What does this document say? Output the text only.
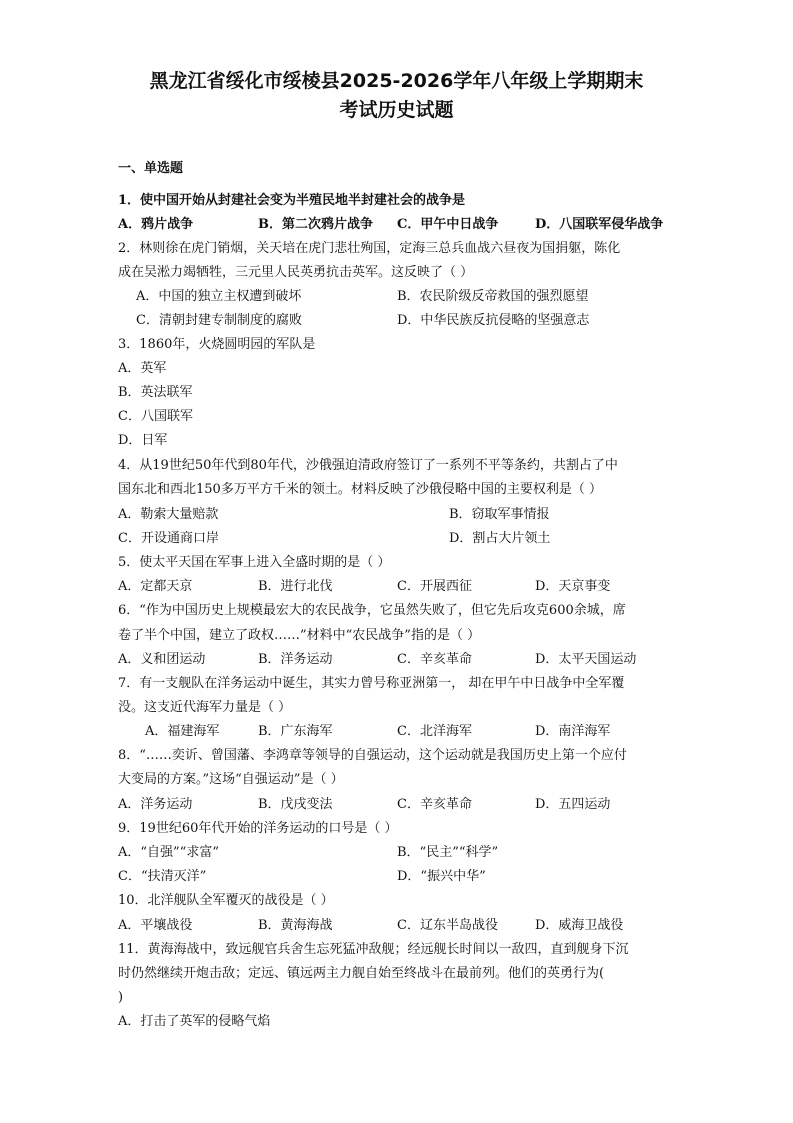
黑龙江省绥化市绥棱县2025-2026学年八年级上学期期末
考试历史试题
一、单选题
1．使中国开始从封建社会变为半殖民地半封建社会的战争是
A．鸦片战争	B．第二次鸦片战争 C．甲午中日战争	D．八国联军侵华战争
2．林则徐在虎门销烟，关天培在虎门悲壮殉国，定海三总兵血战六昼夜为国捐躯，陈化
成在吴淞力竭牺牲，三元里人民英勇抗击英军。这反映了（ ）
A．中国的独立主权遭到破坏	B．农民阶级反帝救国的强烈愿望
C．清朝封建专制制度的腐败	D．中华民族反抗侵略的坚强意志
3．1860年，火烧圆明园的军队是
A．英军
B．英法联军
C．八国联军
D．日军
4．从19世纪50年代到80年代，沙俄强迫清政府签订了一系列不平等条约，共割占了中
国东北和西北150多万平方千米的领土。材料反映了沙俄侵略中国的主要权利是（ ）
A．勒索大量赔款	B．窃取军事情报
C．开设通商口岸	D．割占大片领土
5．使太平天国在军事上进入全盛时期的是（ ）
A．定都天京	B．进行北伐	C．开展西征	D．天京事变
6．“作为中国历史上规模最宏大的农民战争，它虽然失败了，但它先后攻克600余城，席
卷了半个中国，建立了政权……”材料中“农民战争”指的是（ ）
A．义和团运动	B．洋务运动	C．辛亥革命	D．太平天国运动
7．有一支舰队在洋务运动中诞生，其实力曾号称亚洲第一， 却在甲午中日战争中全军覆
没。这支近代海军力量是（ ）
A．福建海军	B．广东海军	C．北洋海军	D．南洋海军
8．“……奕䜣、曾国藩、李鸿章等领导的自强运动，这个运动就是我国历史上第一个应付
大变局的方案。”这场“自强运动”是（ ）
A．洋务运动	B．戊戌变法	C．辛亥革命	D．五四运动
9．19世纪60年代开始的洋务运动的口号是（ ）
A．“自强”“求富”	B．“民主”“科学”
C．“扶清灭洋”	D．“振兴中华”
10．北洋舰队全军覆灭的战役是（ ）
A．平壤战役	B．黄海海战	C．辽东半岛战役	D．威海卫战役
11．黄海海战中，致远舰官兵舍生忘死猛冲敌舰；经远舰长时间以一敌四，直到舰身下沉
时仍然继续开炮击敌；定远、镇远两主力舰自始至终战斗在最前列。他们的英勇行为(
)
A．打击了英军的侵略气焰
